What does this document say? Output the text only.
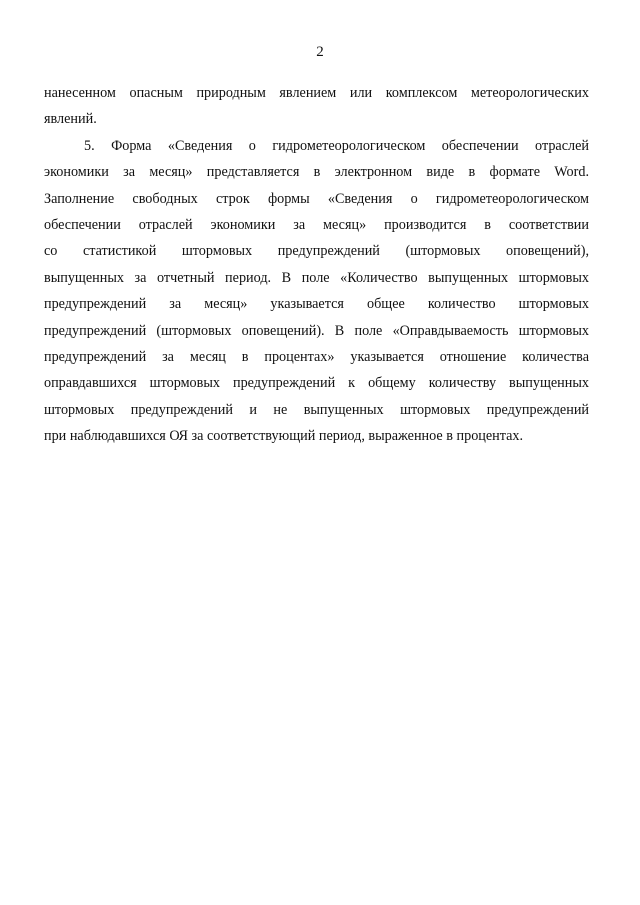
2
нанесенном опасным природным явлением или комплексом метеорологических
явлений.
5. Форма «Сведения о гидрометеорологическом обеспечении отраслей
экономики за месяц» представляется в электронном виде в формате Word.
Заполнение свободных строк формы «Сведения о гидрометеорологическом
обеспечении отраслей экономики за месяц» производится в соответствии
со статистикой штормовых предупреждений (штормовых оповещений),
выпущенных за отчетный период. В поле «Количество выпущенных штормовых
предупреждений за месяц» указывается общее количество штормовых
предупреждений (штормовых оповещений). В поле «Оправдываемость штормовых
предупреждений за месяц в процентах» указывается отношение количества
оправдавшихся штормовых предупреждений к общему количеству выпущенных
штормовых предупреждений и не выпущенных штормовых предупреждений
при наблюдавшихся ОЯ за соответствующий период, выраженное в процентах.
